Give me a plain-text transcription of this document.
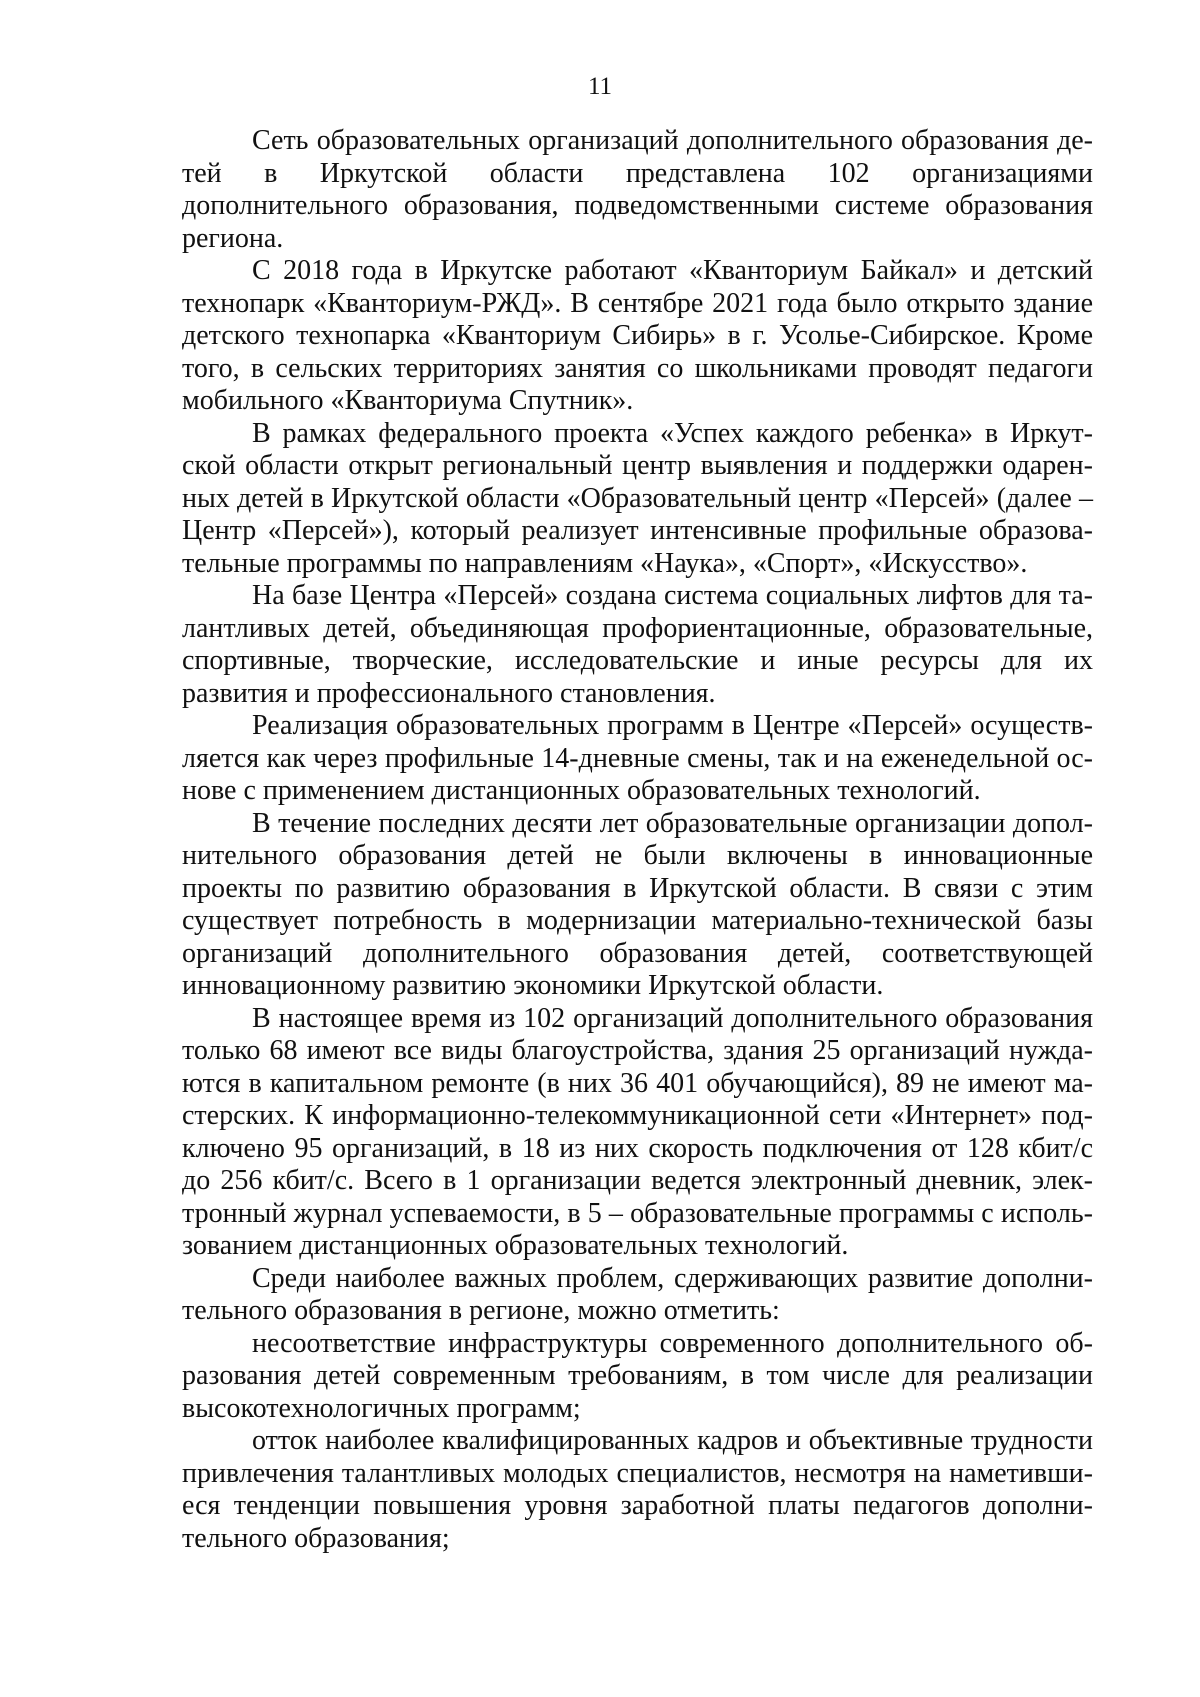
11

Сеть образовательных организаций дополнительного образования детей в Иркутской области представлена 102 организациями дополнительного образования, подведомственными системе образования региона.

С 2018 года в Иркутске работают «Кванториум Байкал» и детский технопарк «Кванториум-РЖД». В сентябре 2021 года было открыто здание детского технопарка «Кванториум Сибирь» в г. Усолье-Сибирское. Кроме того, в сельских территориях занятия со школьниками проводят педагоги мобильного «Кванториума Спутник».

В рамках федерального проекта «Успех каждого ребенка» в Иркутской области открыт региональный центр выявления и поддержки одаренных детей в Иркутской области «Образовательный центр «Персей» (далее – Центр «Персей»), который реализует интенсивные профильные образовательные программы по направлениям «Наука», «Спорт», «Искусство».

На базе Центра «Персей» создана система социальных лифтов для талантливых детей, объединяющая профориентационные, образовательные, спортивные, творческие, исследовательские и иные ресурсы для их развития и профессионального становления.

Реализация образовательных программ в Центре «Персей» осуществляется как через профильные 14-дневные смены, так и на еженедельной основе с применением дистанционных образовательных технологий.

В течение последних десяти лет образовательные организации дополнительного образования детей не были включены в инновационные проекты по развитию образования в Иркутской области. В связи с этим существует потребность в модернизации материально-технической базы организаций дополнительного образования детей, соответствующей инновационному развитию экономики Иркутской области.

В настоящее время из 102 организаций дополнительного образования только 68 имеют все виды благоустройства, здания 25 организаций нуждаются в капитальном ремонте (в них 36 401 обучающийся), 89 не имеют мастерских. К информационно-телекоммуникационной сети «Интернет» подключено 95 организаций, в 18 из них скорость подключения от 128 кбит/с до 256 кбит/с. Всего в 1 организации ведется электронный дневник, электронный журнал успеваемости, в 5 – образовательные программы с использованием дистанционных образовательных технологий.

Среди наиболее важных проблем, сдерживающих развитие дополнительного образования в регионе, можно отметить:

несоответствие инфраструктуры современного дополнительного образования детей современным требованиям, в том числе для реализации высокотехнологичных программ;

отток наиболее квалифицированных кадров и объективные трудности привлечения талантливых молодых специалистов, несмотря на наметившиеся тенденции повышения уровня заработной платы педагогов дополнительного образования;
